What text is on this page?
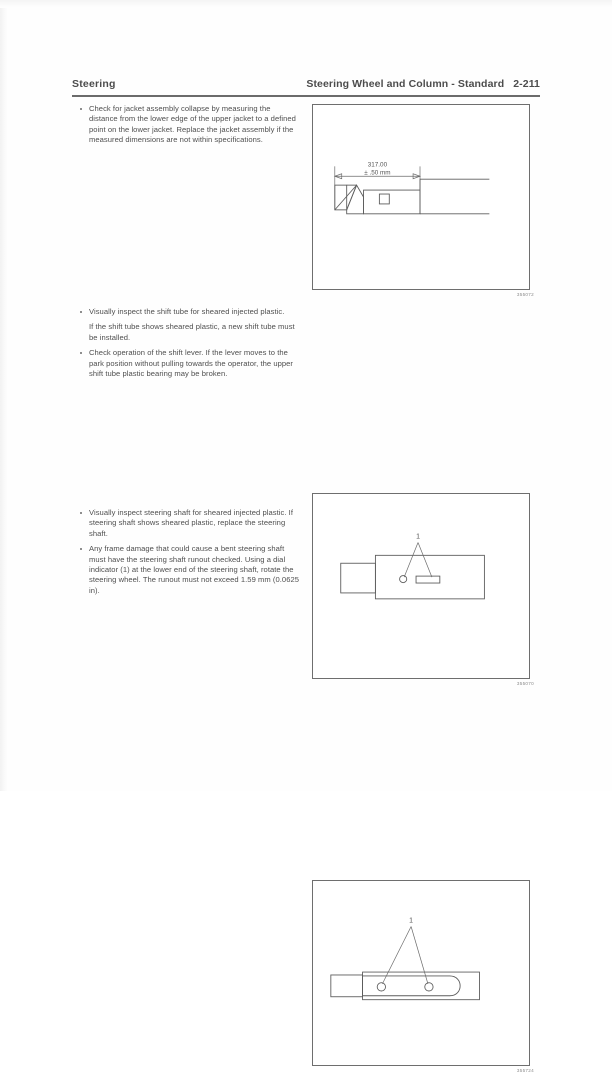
Steering	Steering Wheel and Column - Standard 2-211
Check for jacket assembly collapse by measuring the distance from the lower edge of the upper jacket to a defined point on the lower jacket. Replace the jacket assembly if the measured dimensions are not within specifications.
317.00
± .50 mm
355072
Visually inspect the shift tube for sheared injected plastic.
If the shift tube shows sheared plastic, a new shift tube must be installed.
Check operation of the shift lever. If the lever moves to the park position without pulling towards the operator, the upper shift tube plastic bearing may be broken.
1
355070
Visually inspect steering shaft for sheared injected plastic. If steering shaft shows sheared plastic, replace the steering shaft.
Any frame damage that could cause a bent steering shaft must have the steering shaft runout checked. Using a dial indicator (1) at the lower end of the steering shaft, rotate the steering wheel. The runout must not exceed 1.59 mm (0.0625 in).
1
355724
